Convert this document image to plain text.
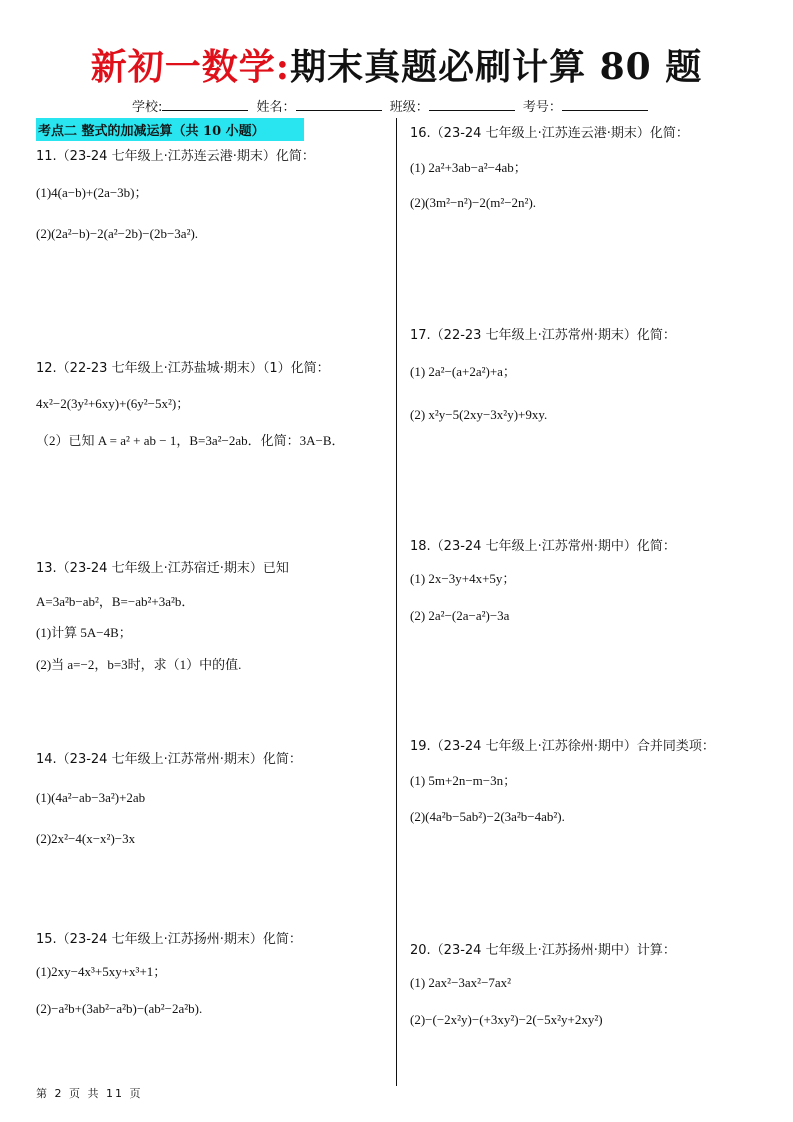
新初一数学:期末真题必刷计算 80 题
学校:	姓名：	班级：	考号：
考点二 整式的加减运算（共 10 小题）
11.（23-24 七年级上·江苏连云港·期末）化简：
(1)4(a−b)+(2a−3b)；
(2)(2a²−b)−2(a²−2b)−(2b−3a²).
12.（22-23 七年级上·江苏盐城·期末）（1）化简：
4x²−2(3y²+6xy)+(6y²−5x²)；
（2）已知 A = a² + ab − 1，B=3a²−2ab．化简：3A−B．
13.（23-24 七年级上·江苏宿迁·期末）已知
A=3a²b−ab²，B=−ab²+3a²b．
(1)计算 5A−4B；
(2)当 a=−2，b=3时，求（1）中的值.
14.（23-24 七年级上·江苏常州·期末）化简：
(1)(4a²−ab−3a²)+2ab
(2)2x²−4(x−x²)−3x
15.（23-24 七年级上·江苏扬州·期末）化简：
(1)2xy−4x³+5xy+x³+1；
(2)−a²b+(3ab²−a²b)−(ab²−2a²b).
16.（23-24 七年级上·江苏连云港·期末）化简：
(1) 2a²+3ab−a²−4ab；
(2)(3m²−n²)−2(m²−2n²).
17.（22-23 七年级上·江苏常州·期末）化简：
(1) 2a²−(a+2a²)+a；
(2) x²y−5(2xy−3x²y)+9xy.
18.（23-24 七年级上·江苏常州·期中）化简：
(1) 2x−3y+4x+5y；
(2) 2a²−(2a−a²)−3a
19.（23-24 七年级上·江苏徐州·期中）合并同类项：
(1) 5m+2n−m−3n；
(2)(4a²b−5ab²)−2(3a²b−4ab²).
20.（23-24 七年级上·江苏扬州·期中）计算：
(1) 2ax²−3ax²−7ax²
(2)−(−2x²y)−(+3xy²)−2(−5x²y+2xy²)
第 2 页 共 11 页
